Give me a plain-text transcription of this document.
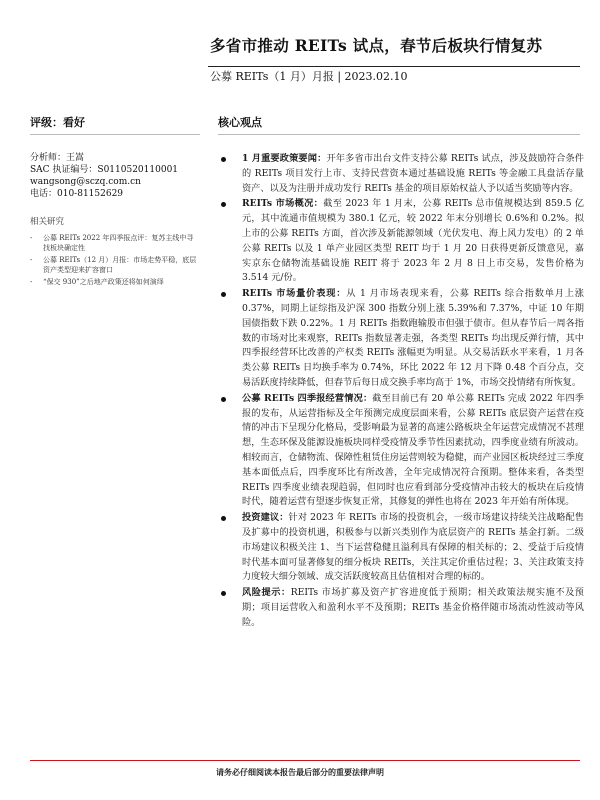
多省市推动 REITs 试点，春节后板块行情复苏
公募 REITs（1 月）月报 | 2023.02.10
评级：看好	核心观点
分析师：王嵩
SAC 执证编号：S0110520110001
wangsong@sczq.com.cn
电话：010-81152629
相关研究
- 公募 REITs 2022 年四季报点评：复苏主线中寻找板块确定性
- 公募 REITs（12 月）月报：市场走势平稳，底层资产类型迎来扩容窗口
- “保交 930”之后地产政策还将如何演绎
1 月重要政策要闻：开年多省市出台文件支持公募 REITs 试点，涉及鼓励符合条件的 REITs 项目发行上市、支持民营资本通过基础设施 REITs 等金融工具盘活存量资产、以及为注册并成功发行 REITs 基金的项目原始权益人予以适当奖励等内容。
REITs 市场概况：截至 2023 年 1 月末，公募 REITs 总市值规模达到 859.5 亿元，其中流通市值规模为 380.1 亿元，较 2022 年末分别增长 0.6%和 0.2%。拟上市的公募 REITs 方面，首次涉及新能源领域（光伏发电、海上风力发电）的 2 单公募 REITs 以及 1 单产业园区类型 REIT 均于 1 月 20 日获得更新反馈意见，嘉实京东仓储物流基础设施 REIT 将于 2023 年 2 月 8 日上市交易，发售价格为 3.514 元/份。
REITs 市场量价表现：从 1 月市场表现来看，公募 REITs 综合指数单月上涨 0.37%，同期上证综指及沪深 300 指数分别上涨 5.39%和 7.37%，中证 10 年期国债指数下跌 0.22%。1 月 REITs 指数跑输股市但强于债市。但从春节后一周各指数的市场对比来观察，REITs 指数显著走强，各类型 REITs 均出现反弹行情，其中四季报经营环比改善的产权类 REITs 涨幅更为明显。从交易活跃水平来看，1 月各类公募 REITs 日均换手率为 0.74%，环比 2022 年 12 月下降 0.48 个百分点，交易活跃度持续降低，但春节后每日成交换手率均高于 1%，市场交投情绪有所恢复。
公募 REITs 四季报经营情况：截至目前已有 20 单公募 REITs 完成 2022 年四季报的发布，从运营指标及全年预测完成度层面来看，公募 REITs 底层资产运营在疫情的冲击下呈现分化格局，受影响最为显著的高速公路板块全年运营完成情况不甚理想，生态环保及能源设施板块同样受疫情及季节性因素扰动，四季度业绩有所波动。相较而言，仓储物流、保障性租赁住房运营则较为稳健，而产业园区板块经过三季度基本面低点后，四季度环比有所改善，全年完成情况符合预期。整体来看，各类型 REITs 四季度业绩表现趋弱，但同时也应看到部分受疫情冲击较大的板块在后疫情时代，随着运营有望逐步恢复正常，其修复的弹性也将在 2023 年开始有所体现。
投资建议：针对 2023 年 REITs 市场的投资机会，一级市场建议持续关注战略配售及扩募中的投资机遇，积极参与以新兴类别作为底层资产的 REITs 基金打新。二级市场建议积极关注 1、当下运营稳健且溢利具有保障的相关标的；2、受益于后疫情时代基本面可显著修复的细分板块 REITs，关注其定价重估过程；3、关注政策支持力度较大细分领域、成交活跃度较高且估值相对合理的标的。
风险提示：REITs 市场扩募及资产扩容进度低于预期；相关政策法规实施不及预期；项目运营收入和盈利水平不及预期；REITs 基金价格伴随市场流动性波动等风险。
请务必仔细阅读本报告最后部分的重要法律声明
